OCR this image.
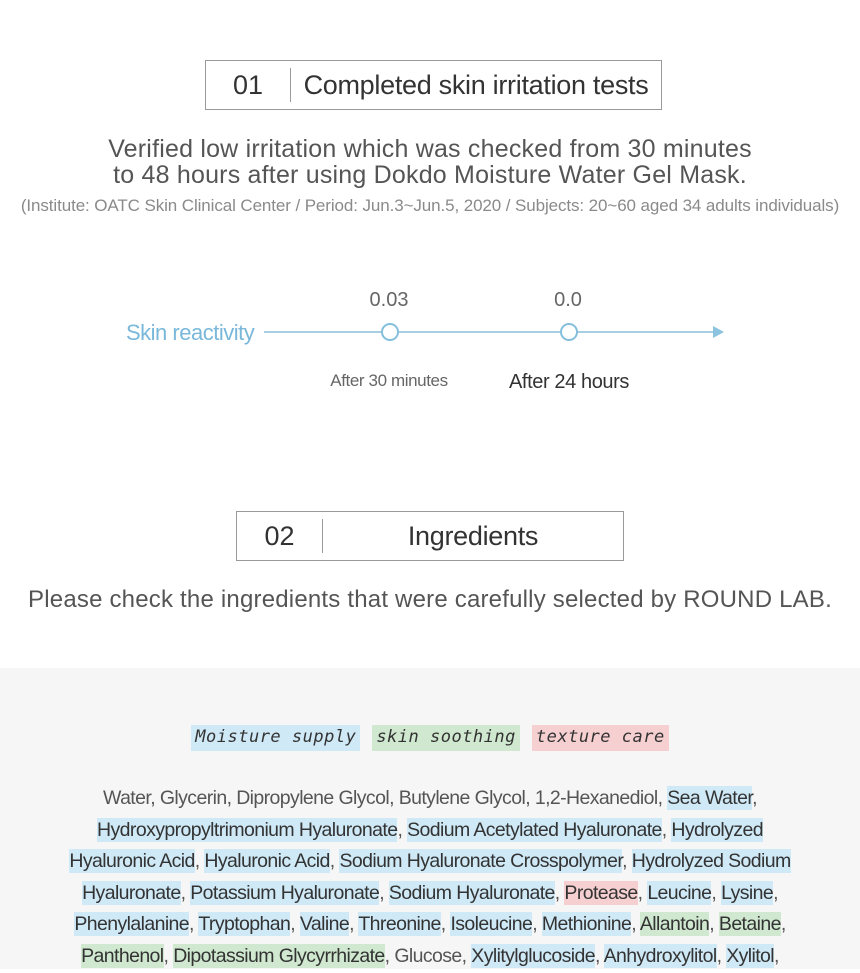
01	Completed skin irritation tests
Verified low irritation which was checked from 30 minutes
to 48 hours after using Dokdo Moisture Water Gel Mask.
(Institute: OATC Skin Clinical Center / Period: Jun.3~Jun.5, 2020 / Subjects: 20~60 aged 34 adults individuals)
Skin reactivity
0.03	0.0
After 30 minutes	After 24 hours
02	Ingredients
Please check the ingredients that were carefully selected by ROUND LAB.
Moisture supply skin soothing texture care
Water, Glycerin, Dipropylene Glycol, Butylene Glycol, 1,2-Hexanediol, Sea Water, Hydroxypropyltrimonium Hyaluronate, Sodium Acetylated Hyaluronate, Hydrolyzed Hyaluronic Acid, Hyaluronic Acid, Sodium Hyaluronate Crosspolymer, Hydrolyzed Sodium Hyaluronate, Potassium Hyaluronate, Sodium Hyaluronate, Protease, Leucine, Lysine, Phenylalanine, Tryptophan, Valine, Threonine, Isoleucine, Methionine, Allantoin, Betaine, Panthenol, Dipotassium Glycyrrhizate, Glucose, Xylitylglucoside, Anhydroxylitol, Xylitol,
